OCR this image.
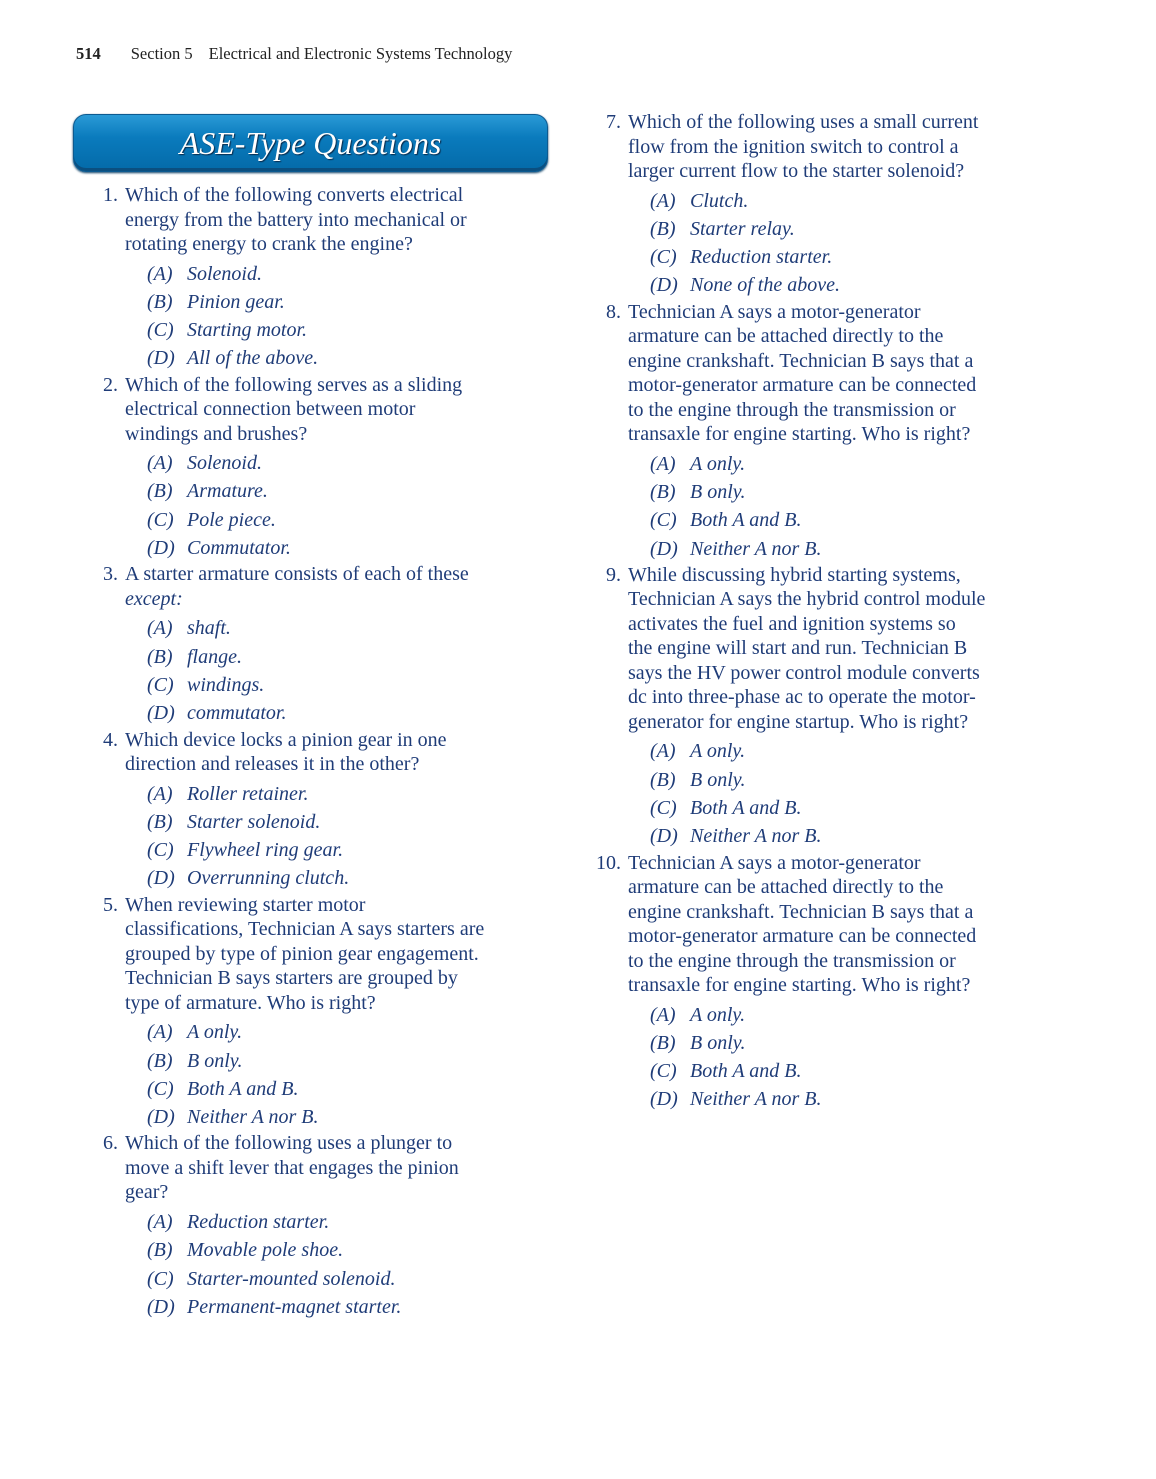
514 Section 5 Electrical and Electronic Systems Technology
ASE-Type Questions
1. Which of the following converts electrical
energy from the battery into mechanical or
rotating energy to crank the engine?
(A) Solenoid.
(B) Pinion gear.
(C) Starting motor.
(D) All of the above.
2. Which of the following serves as a sliding
electrical connection between motor
windings and brushes?
(A) Solenoid.
(B) Armature.
(C) Pole piece.
(D) Commutator.
3. A starter armature consists of each of these
except:
(A) shaft.
(B) flange.
(C) windings.
(D) commutator.
4. Which device locks a pinion gear in one
direction and releases it in the other?
(A) Roller retainer.
(B) Starter solenoid.
(C) Flywheel ring gear.
(D) Overrunning clutch.
5. When reviewing starter motor
classifications, Technician A says starters are
grouped by type of pinion gear engagement.
Technician B says starters are grouped by
type of armature. Who is right?
(A) A only.
(B) B only.
(C) Both A and B.
(D) Neither A nor B.
6. Which of the following uses a plunger to
move a shift lever that engages the pinion
gear?
(A) Reduction starter.
(B) Movable pole shoe.
(C) Starter-mounted solenoid.
(D) Permanent-magnet starter.
7. Which of the following uses a small current
flow from the ignition switch to control a
larger current flow to the starter solenoid?
(A) Clutch.
(B) Starter relay.
(C) Reduction starter.
(D) None of the above.
8. Technician A says a motor-generator
armature can be attached directly to the
engine crankshaft. Technician B says that a
motor-generator armature can be connected
to the engine through the transmission or
transaxle for engine starting. Who is right?
(A) A only.
(B) B only.
(C) Both A and B.
(D) Neither A nor B.
9. While discussing hybrid starting systems,
Technician A says the hybrid control module
activates the fuel and ignition systems so
the engine will start and run. Technician B
says the HV power control module converts
dc into three-phase ac to operate the motor-
generator for engine startup. Who is right?
(A) A only.
(B) B only.
(C) Both A and B.
(D) Neither A nor B.
10. Technician A says a motor-generator
armature can be attached directly to the
engine crankshaft. Technician B says that a
motor-generator armature can be connected
to the engine through the transmission or
transaxle for engine starting. Who is right?
(A) A only.
(B) B only.
(C) Both A and B.
(D) Neither A nor B.
